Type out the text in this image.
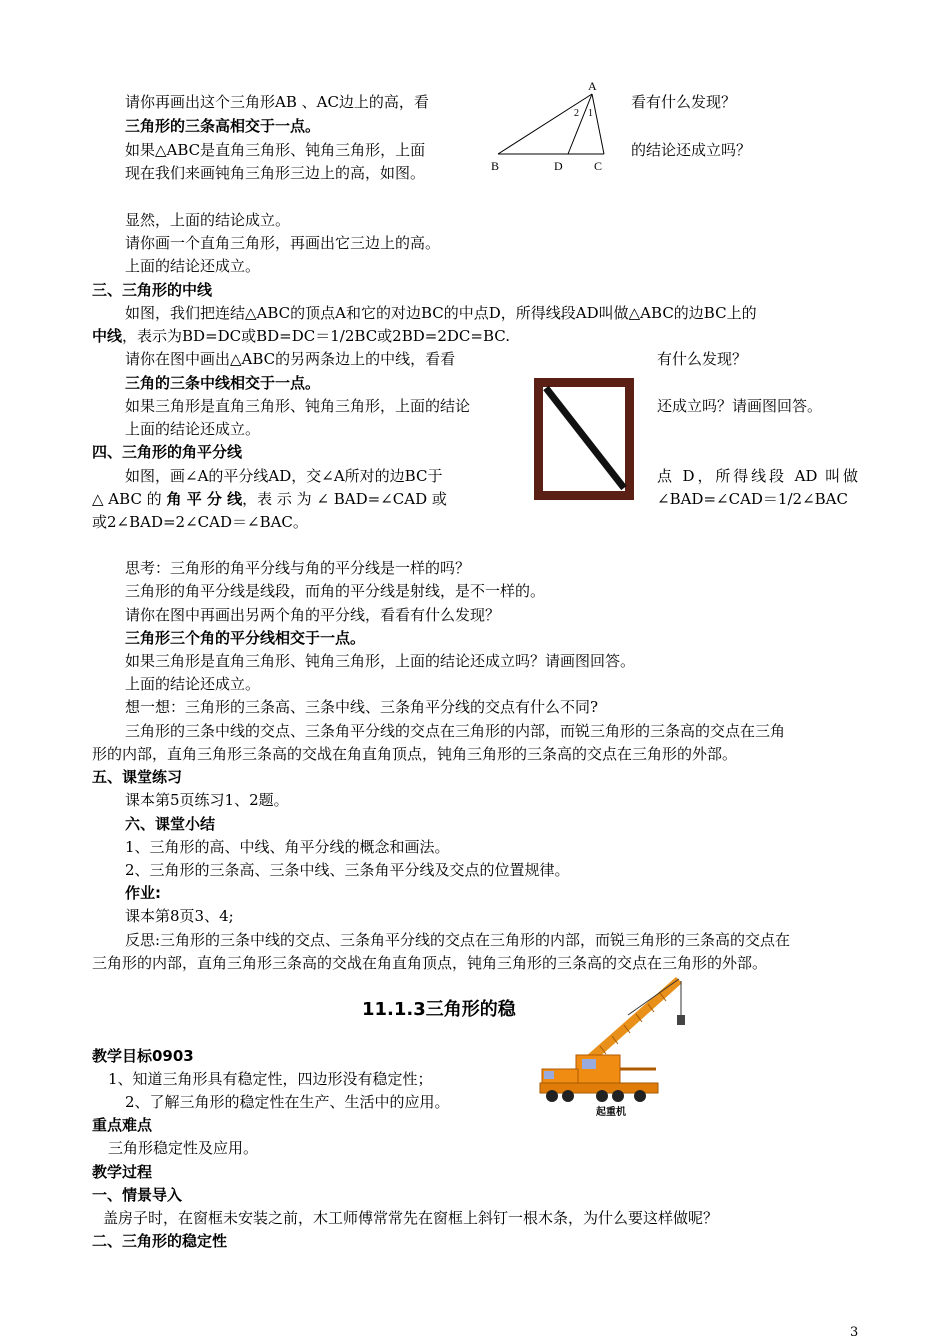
请你再画出这个三角形AB 、AC边上的高，看	看有什么发现？
三角形的三条高相交于一点。
如果△ABC是直角三角形、钝角三角形，上面	的结论还成立吗？
现在我们来画钝角三角形三边上的高，如图。
显然，上面的结论成立。
请你画一个直角三角形，再画出它三边上的高。
上面的结论还成立。
A
B	D	C
1
2
三、三角形的中线
如图，我们把连结△ABC的顶点A和它的对边BC的中点D，所得线段AD叫做△ABC的边BC上的
中线，表示为BD=DC或BD=DC＝1/2BC或2BD=2DC=BC.
请你在图中画出△ABC的另两条边上的中线，看看	有什么发现？
三角的三条中线相交于一点。
如果三角形是直角三角形、钝角三角形，上面的结论	还成立吗？请画图回答。
上面的结论还成立。
四、三角形的角平分线
如图，画∠A的平分线AD，交∠A所对的边BC于	点 D，所得线段 AD 叫做
△ ABC 的 角 平 分 线，表 示 为 ∠ BAD=∠CAD 或	∠BAD=∠CAD＝1/2∠BAC
或2∠BAD=2∠CAD＝∠BAC。
思考：三角形的角平分线与角的平分线是一样的吗？
三角形的角平分线是线段，而角的平分线是射线，是不一样的。
请你在图中再画出另两个角的平分线，看看有什么发现？
三角形三个角的平分线相交于一点。
如果三角形是直角三角形、钝角三角形，上面的结论还成立吗？请画图回答。
上面的结论还成立。
想一想：三角形的三条高、三条中线、三条角平分线的交点有什么不同?
三角形的三条中线的交点、三条角平分线的交点在三角形的内部，而锐三角形的三条高的交点在三角
形的内部，直角三角形三条高的交战在角直角顶点，钝角三角形的三条高的交点在三角形的外部。
五、课堂练习
课本第5页练习1、2题。
六、课堂小结
1、三角形的高、中线、角平分线的概念和画法。
2、三角形的三条高、三条中线、三条角平分线及交点的位置规律。
作业:
课本第8页3、4;
反思:三角形的三条中线的交点、三条角平分线的交点在三角形的内部，而锐三角形的三条高的交点在
三角形的内部，直角三角形三条高的交战在角直角顶点，钝角三角形的三条高的交点在三角形的外部。
11.1.3三角形的稳
起重机
教学目标0903
1、知道三角形具有稳定性，四边形没有稳定性；
2、了解三角形的稳定性在生产、生活中的应用。
重点难点
三角形稳定性及应用。
教学过程
一、情景导入
盖房子时，在窗框未安装之前，木工师傅常常先在窗框上斜钉一根木条，为什么要这样做呢？
二、三角形的稳定性
3
